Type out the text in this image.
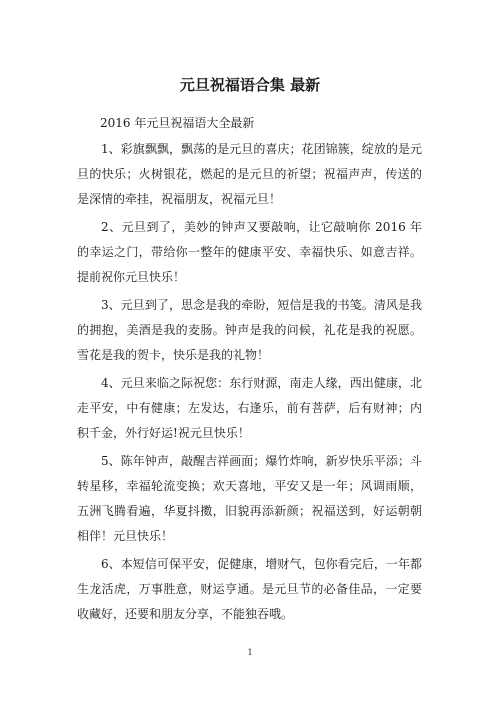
元旦祝福语合集 最新
2016 年元旦祝福语大全最新

1、彩旗飘飘，飘荡的是元旦的喜庆；花团锦簇，绽放的是元旦的快乐；火树银花，燃起的是元旦的祈望；祝福声声，传送的是深情的牵挂，祝福朋友，祝福元旦！

2、元旦到了，美妙的钟声又要敲响，让它敲响你 2016 年的幸运之门，带给你一整年的健康平安、幸福快乐、如意吉祥。提前祝你元旦快乐！

3、元旦到了，思念是我的牵盼，短信是我的书笺。清风是我的拥抱，美酒是我的麦肠。钟声是我的问候，礼花是我的祝愿。雪花是我的贺卡，快乐是我的礼物！

4、元旦来临之际祝您：东行财源，南走人缘，西出健康，北走平安，中有健康；左发达，右逢乐，前有菩萨，后有财神；内积千金，外行好运!祝元旦快乐！

5、陈年钟声，敲醒吉祥画面；爆竹炸响，新岁快乐平添；斗转星移，幸福轮流变换；欢天喜地，平安又是一年；风调雨顺，五洲飞腾看遍，华夏抖擞，旧貌再添新颜；祝福送到，好运朝朝相伴！元旦快乐！

6、本短信可保平安，促健康，增财气，包你看完后，一年都生龙活虎，万事胜意，财运亨通。是元旦节的必备佳品，一定要收藏好，还要和朋友分享，不能独吞哦。

1
